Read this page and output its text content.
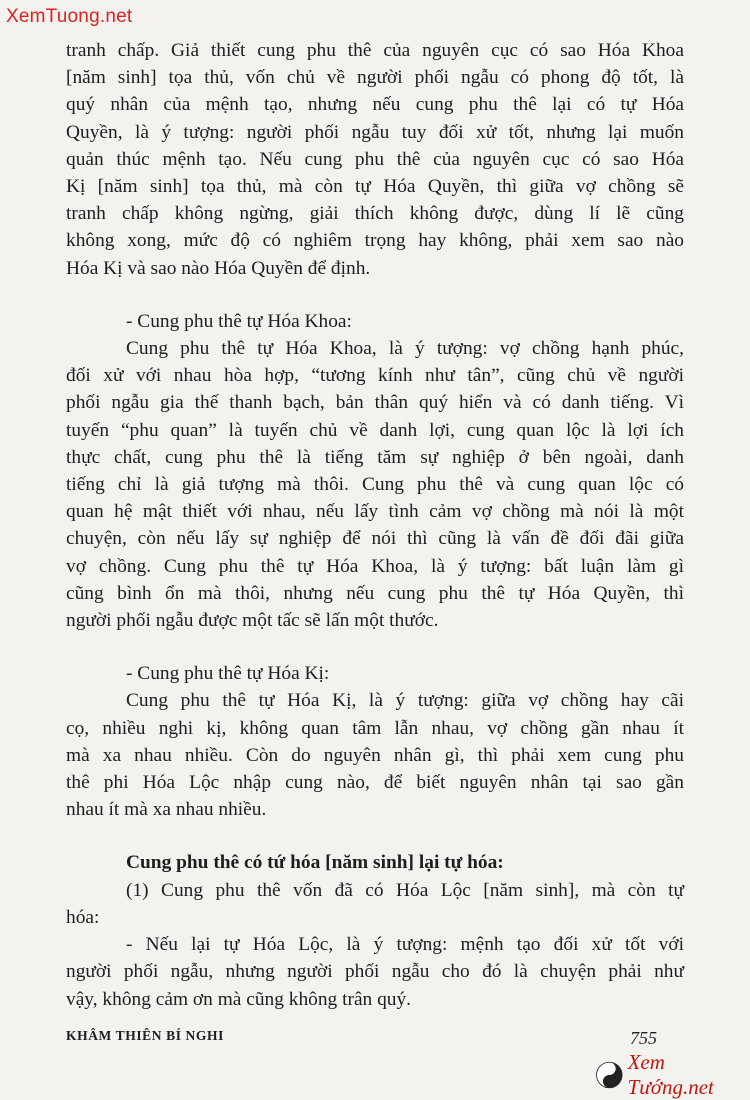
XemTuong.net
tranh chấp. Giả thiết cung phu thê của nguyên cục có sao Hóa Khoa
[năm sinh] tọa thủ, vốn chủ về người phối ngẫu có phong độ tốt, là
quý nhân của mệnh tạo, nhưng nếu cung phu thê lại có tự Hóa
Quyền, là ý tượng: người phối ngẫu tuy đối xử tốt, nhưng lại muốn
quản thúc mệnh tạo. Nếu cung phu thê của nguyên cục có sao Hóa
Kị [năm sinh] tọa thủ, mà còn tự Hóa Quyền, thì giữa vợ chồng sẽ
tranh chấp không ngừng, giải thích không được, dùng lí lẽ cũng
không xong, mức độ có nghiêm trọng hay không, phải xem sao nào
Hóa Kị và sao nào Hóa Quyền để định.
- Cung phu thê tự Hóa Khoa:
Cung phu thê tự Hóa Khoa, là ý tượng: vợ chồng hạnh phúc,
đối xử với nhau hòa hợp, “tương kính như tân”, cũng chủ về người
phối ngẫu gia thế thanh bạch, bản thân quý hiển và có danh tiếng. Vì
tuyến “phu quan” là tuyến chủ về danh lợi, cung quan lộc là lợi ích
thực chất, cung phu thê là tiếng tăm sự nghiệp ở bên ngoài, danh
tiếng chỉ là giả tượng mà thôi. Cung phu thê và cung quan lộc có
quan hệ mật thiết với nhau, nếu lấy tình cảm vợ chồng mà nói là một
chuyện, còn nếu lấy sự nghiệp để nói thì cũng là vấn đề đối đãi giữa
vợ chồng. Cung phu thê tự Hóa Khoa, là ý tượng: bất luận làm gì
cũng bình ổn mà thôi, nhưng nếu cung phu thê tự Hóa Quyền, thì
người phối ngẫu được một tấc sẽ lấn một thước.
- Cung phu thê tự Hóa Kị:
Cung phu thê tự Hóa Kị, là ý tượng: giữa vợ chồng hay cãi
cọ, nhiều nghi kị, không quan tâm lẫn nhau, vợ chồng gần nhau ít
mà xa nhau nhiều. Còn do nguyên nhân gì, thì phải xem cung phu
thê phi Hóa Lộc nhập cung nào, để biết nguyên nhân tại sao gần
nhau ít mà xa nhau nhiều.
Cung phu thê có tứ hóa [năm sinh] lại tự hóa:
(1) Cung phu thê vốn đã có Hóa Lộc [năm sinh], mà còn tự
hóa:
- Nếu lại tự Hóa Lộc, là ý tượng: mệnh tạo đối xử tốt với
người phối ngẫu, nhưng người phối ngẫu cho đó là chuyện phải như
vậy, không cảm ơn mà cũng không trân quý.
KHÂM THIÊN BÍ NGHI	755
Xem Tướng.net
